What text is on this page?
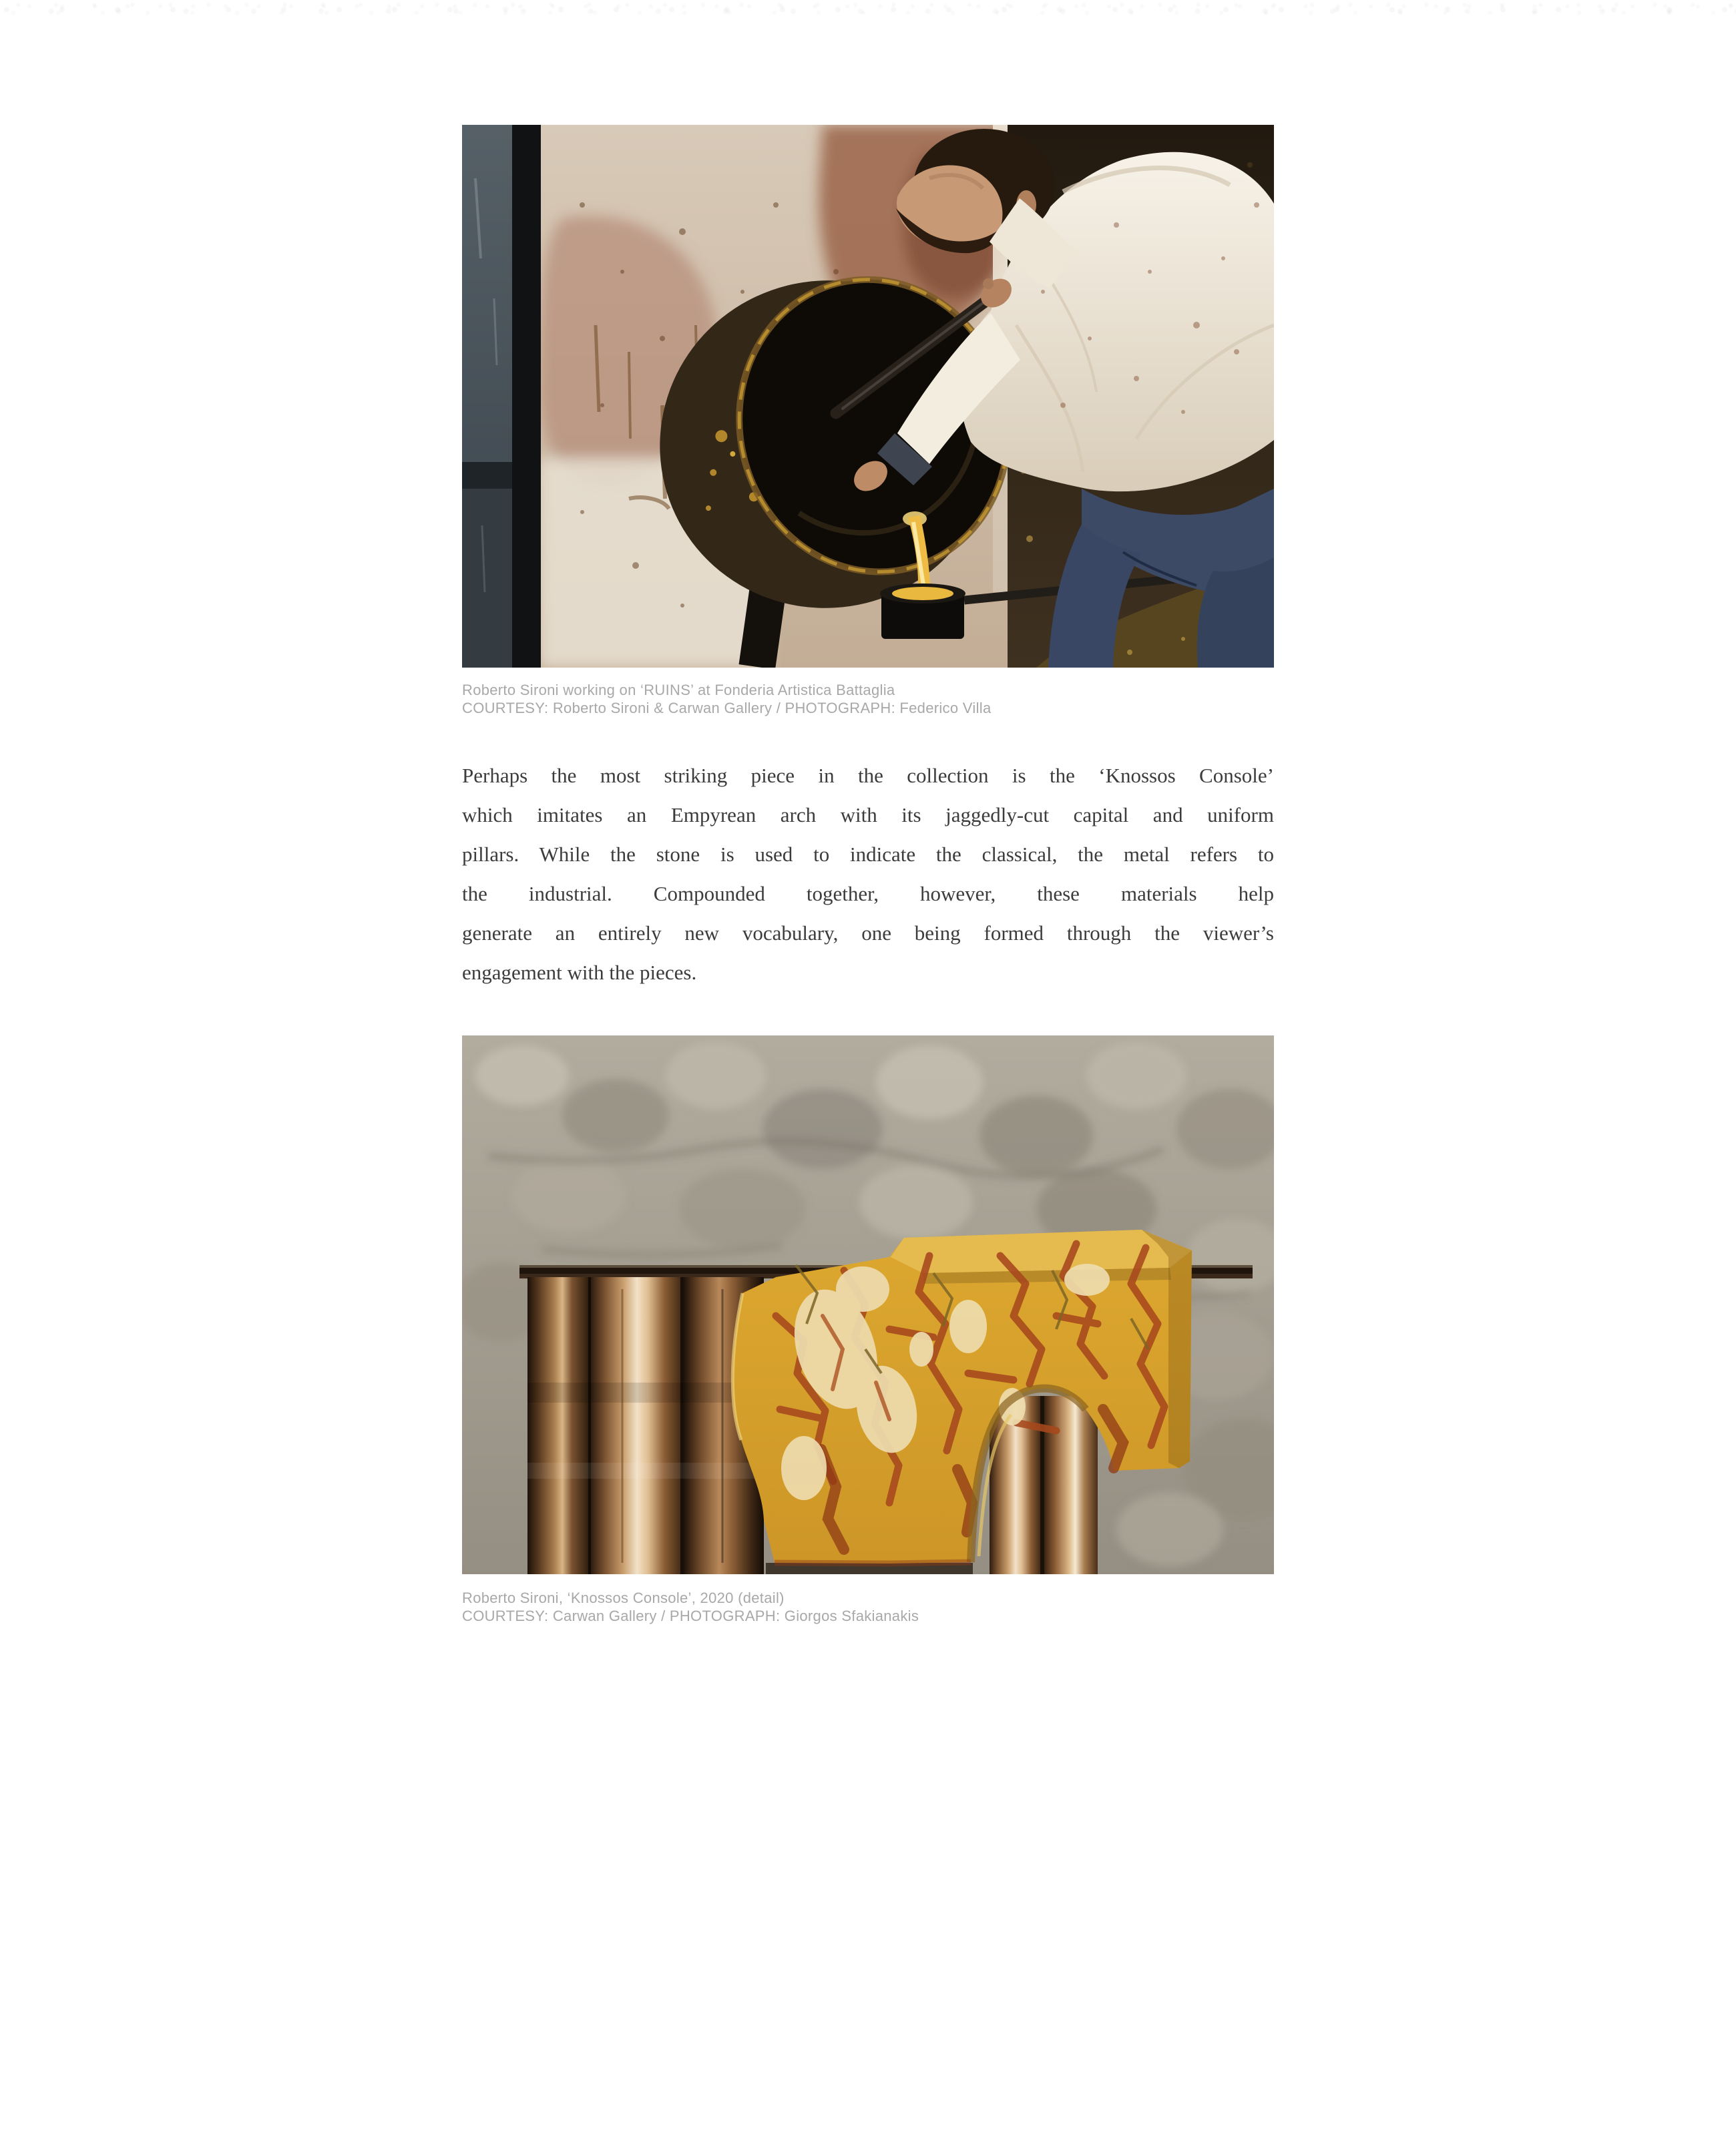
Roberto Sironi working on ‘RUINS’ at Fonderia Artistica Battaglia
COURTESY: Roberto Sironi & Carwan Gallery / PHOTOGRAPH: Federico Villa
Perhaps the most striking piece in the collection is the ‘Knossos Console’
which imitates an Empyrean arch with its jaggedly-cut capital and uniform
pillars. While the stone is used to indicate the classical, the metal refers to
the industrial. Compounded together, however, these materials help
generate an entirely new vocabulary, one being formed through the viewer’s
engagement with the pieces.
Roberto Sironi, ‘Knossos Console’, 2020 (detail)
COURTESY: Carwan Gallery / PHOTOGRAPH: Giorgos Sfakianakis
